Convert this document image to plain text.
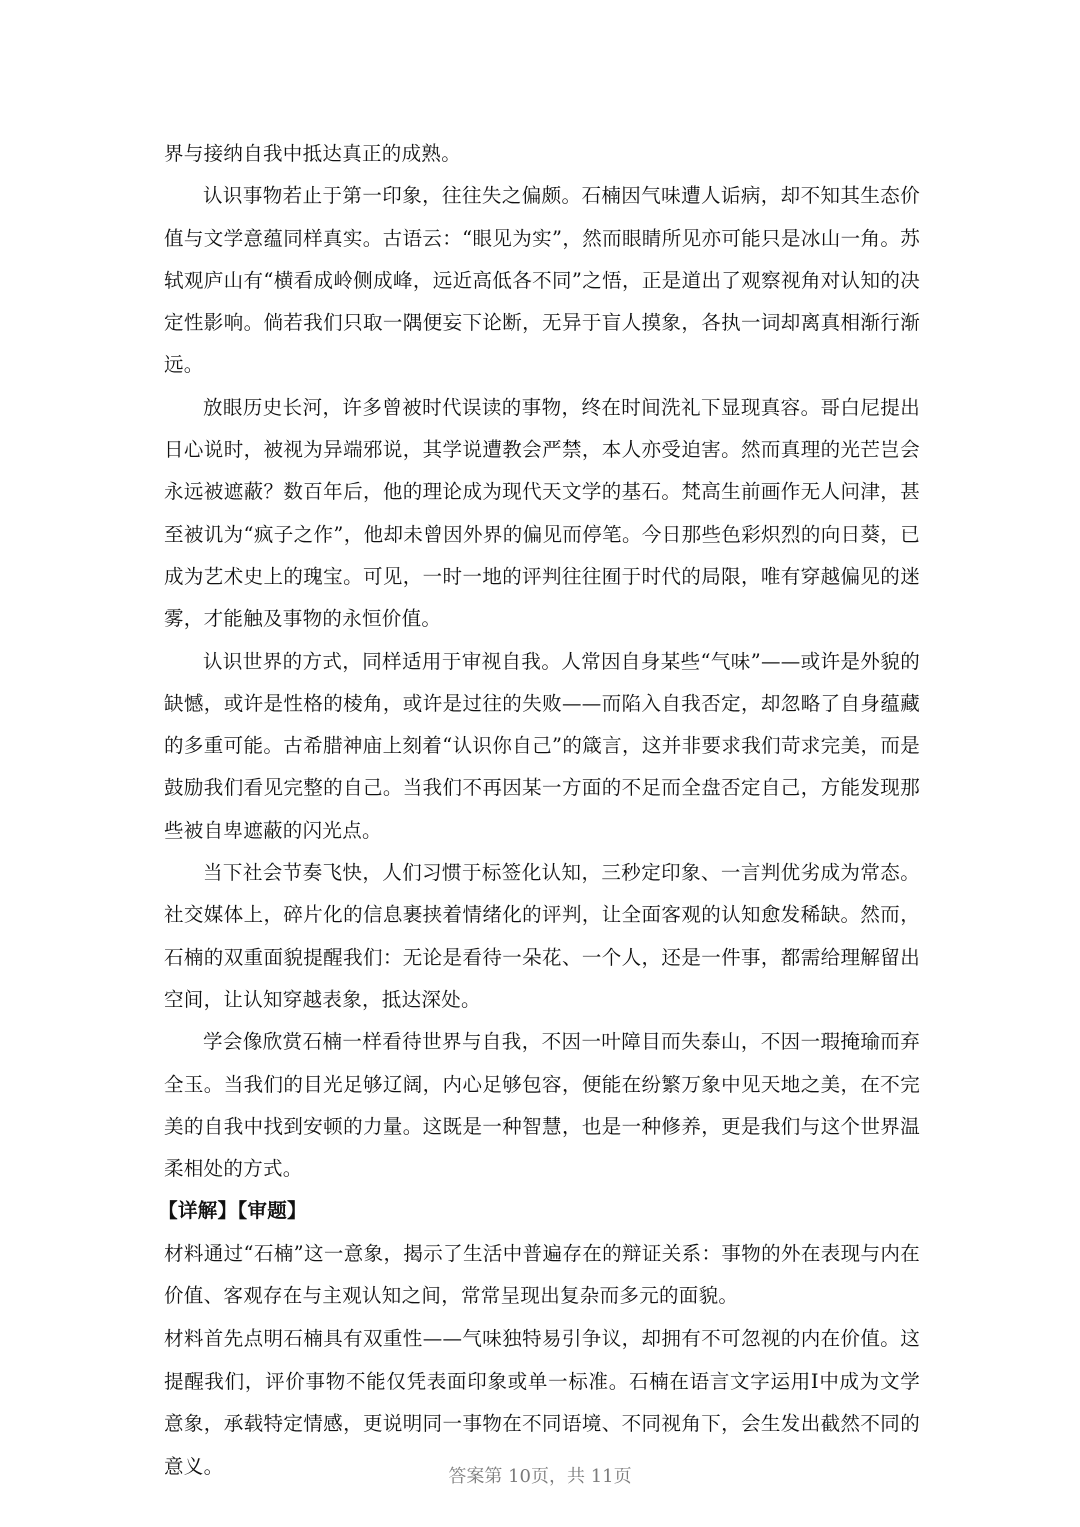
界与接纳自我中抵达真正的成熟。

认识事物若止于第一印象，往往失之偏颇。石楠因气味遭人诟病，却不知其生态价值与文学意蕴同样真实。古语云：“眼见为实”，然而眼睛所见亦可能只是冰山一角。苏轼观庐山有“横看成岭侧成峰，远近高低各不同”之悟，正是道出了观察视角对认知的决定性影响。倘若我们只取一隅便妄下论断，无异于盲人摸象，各执一词却离真相渐行渐远。

放眼历史长河，许多曾被时代误读的事物，终在时间洗礼下显现真容。哥白尼提出日心说时，被视为异端邪说，其学说遭教会严禁，本人亦受迫害。然而真理的光芒岂会永远被遮蔽？数百年后，他的理论成为现代天文学的基石。梵高生前画作无人问津，甚至被讥为“疯子之作”，他却未曾因外界的偏见而停笔。今日那些色彩炽烈的向日葵，已成为艺术史上的瑰宝。可见，一时一地的评判往往囿于时代的局限，唯有穿越偏见的迷雾，才能触及事物的永恒价值。

认识世界的方式，同样适用于审视自我。人常因自身某些“气味”——或许是外貌的缺憾，或许是性格的棱角，或许是过往的失败——而陷入自我否定，却忽略了自身蕴藏的多重可能。古希腊神庙上刻着“认识你自己”的箴言，这并非要求我们苛求完美，而是鼓励我们看见完整的自己。当我们不再因某一方面的不足而全盘否定自己，方能发现那些被自卑遮蔽的闪光点。

当下社会节奏飞快，人们习惯于标签化认知，三秒定印象、一言判优劣成为常态。社交媒体上，碎片化的信息裹挟着情绪化的评判，让全面客观的认知愈发稀缺。然而，石楠的双重面貌提醒我们：无论是看待一朵花、一个人，还是一件事，都需给理解留出空间，让认知穿越表象，抵达深处。

学会像欣赏石楠一样看待世界与自我，不因一叶障目而失泰山，不因一瑕掩瑜而弃全玉。当我们的目光足够辽阔，内心足够包容，便能在纷繁万象中见天地之美，在不完美的自我中找到安顿的力量。这既是一种智慧，也是一种修养，更是我们与这个世界温柔相处的方式。

【详解】【审题】

材料通过“石楠”这一意象，揭示了生活中普遍存在的辩证关系：事物的外在表现与内在价值、客观存在与主观认知之间，常常呈现出复杂而多元的面貌。

材料首先点明石楠具有双重性——气味独特易引争议，却拥有不可忽视的内在价值。这提醒我们，评价事物不能仅凭表面印象或单一标准。石楠在语言文字运用Ⅰ中成为文学意象，承载特定情感，更说明同一事物在不同语境、不同视角下，会生发出截然不同的意义。	答案第 10页，共 11页
